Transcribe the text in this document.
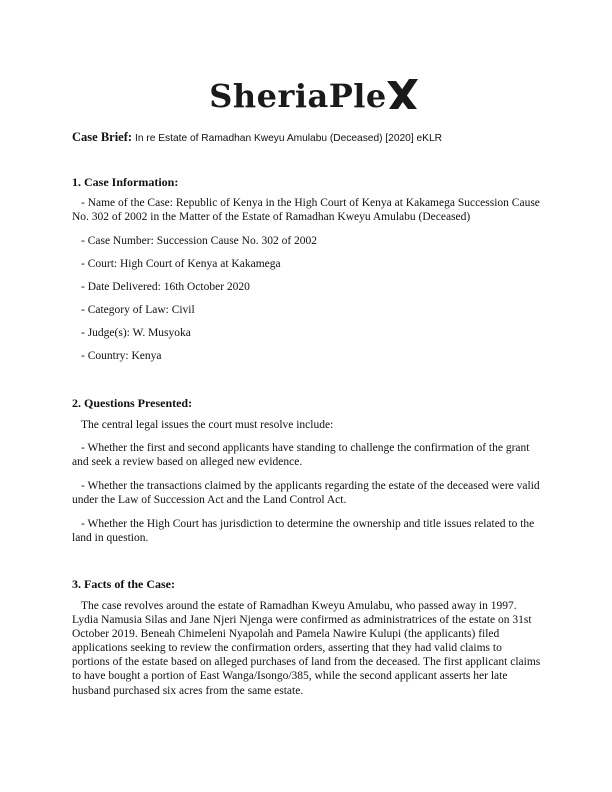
SheriaPle
Case Brief: In re Estate of Ramadhan Kweyu Amulabu (Deceased) [2020] eKLR
1. Case Information:
- Name of the Case: Republic of Kenya in the High Court of Kenya at Kakamega Succession Cause No. 302 of 2002 in the Matter of the Estate of Ramadhan Kweyu Amulabu (Deceased)
- Case Number: Succession Cause No. 302 of 2002
- Court: High Court of Kenya at Kakamega
- Date Delivered: 16th October 2020
- Category of Law: Civil
- Judge(s): W. Musyoka
- Country: Kenya
2. Questions Presented:
The central legal issues the court must resolve include:
- Whether the first and second applicants have standing to challenge the confirmation of the grant and seek a review based on alleged new evidence.
- Whether the transactions claimed by the applicants regarding the estate of the deceased were valid under the Law of Succession Act and the Land Control Act.
- Whether the High Court has jurisdiction to determine the ownership and title issues related to the land in question.
3. Facts of the Case:
The case revolves around the estate of Ramadhan Kweyu Amulabu, who passed away in 1997. Lydia Namusia Silas and Jane Njeri Njenga were confirmed as administratrices of the estate on 31st October 2019. Beneah Chimeleni Nyapolah and Pamela Nawire Kulupi (the applicants) filed applications seeking to review the confirmation orders, asserting that they had valid claims to portions of the estate based on alleged purchases of land from the deceased. The first applicant claims to have bought a portion of East Wanga/Isongo/385, while the second applicant asserts her late husband purchased six acres from the same estate.
